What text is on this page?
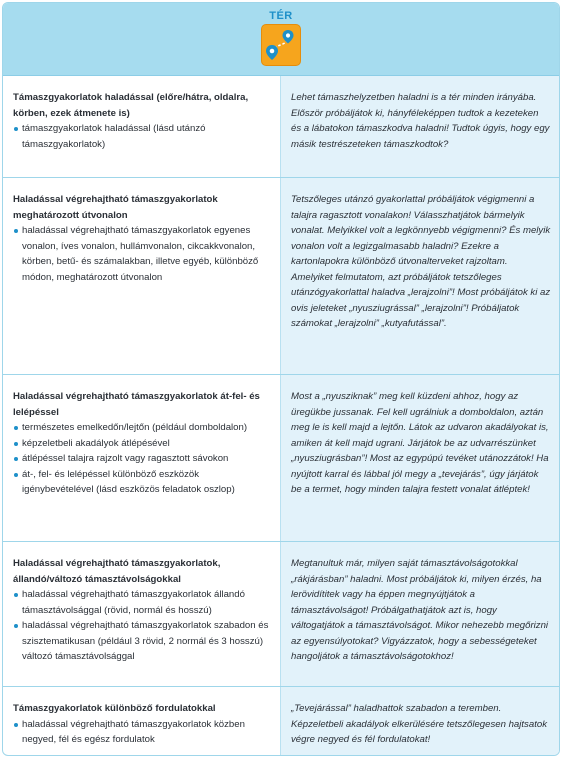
TÉR
Támaszgyakorlatok haladással (előre/hátra, oldalra, körben, ezek átmenete is)
támaszgyakorlatok haladással (lásd utánzó támaszgyakorlatok)

Lehet támaszhelyzetben haladni is a tér minden irányába. Először próbáljátok ki, hányféleképpen tudtok a kezeteken és a lábatokon támaszkodva haladni! Tudtok úgyis, hogy egy másik testrészeteken támaszkodtok?

Haladással végrehajtható támaszgyakorlatok meghatározott útvonalon
haladással végrehajtható támaszgyakorlatok egyenes vonalon, íves vonalon, hullámvonalon, cikcakkvonalon, körben, betű- és számalakban, illetve egyéb, különböző módon, meghatározott útvonalon

Tetszőleges utánzó gyakorlattal próbáljátok végigmenni a talajra ragasztott vonalakon! Válasszhatjátok bármelyik vonalat. Melyikkel volt a legkönnyebb végigmenni? És melyik vonalon volt a legizgalmasabb haladni? Ezekre a kartonlapokra különböző útvonalterveket rajzoltam. Amelyiket felmutatom, azt próbáljátok tetszőleges utánzógyakorlattal haladva „lerajzolni”! Most próbáljátok ki az ovis jeleteket „nyusziugrással” „lerajzolni”! Próbáljatok számokat „lerajzolni” „kutyafutással”.

Haladással végrehajtható támaszgyakorlatok át-fel- és lelépéssel
természetes emelkedőn/lejtőn (például domboldalon)
képzeletbeli akadályok átlépésével
átlépéssel talajra rajzolt vagy ragasztott sávokon
át-, fel- és lelépéssel különböző eszközök igénybevételével (lásd eszközös feladatok oszlop)

Most a „nyusziknak” meg kell küzdeni ahhoz, hogy az üregükbe jussanak. Fel kell ugrálniuk a domboldalon, aztán meg le is kell majd a lejtőn. Látok az udvaron akadályokat is, amiken át kell majd ugrani. Járjátok be az udvarrészünket „nyusziugrásban”! Most az egypúpú tevéket utánozzátok! Ha nyújtott karral és lábbal jól megy a „tevejárás”, úgy járjátok be a termet, hogy minden talajra festett vonalat átléptek!

Haladással végrehajtható támaszgyakorlatok, állandó/változó támasztávolságokkal
haladással végrehajtható támaszgyakorlatok állandó támasztávolsággal (rövid, normál és hosszú)
haladással végrehajtható támaszgyakorlatok szabadon és szisztematikusan (például 3 rövid, 2 normál és 3 hosszú) változó támasztávolsággal

Megtanultuk már, milyen saját támasztávolságotokkal „rákjárásban” haladni. Most próbáljátok ki, milyen érzés, ha lerövidítitek vagy ha éppen megnyújtjátok a támasztávolságot! Próbálgathatjátok azt is, hogy váltogatjátok a támasztávolságot. Mikor nehezebb megőrizni az egyensúlyotokat? Vigyázzatok, hogy a sebességeteket hangoljátok a támasztávolságotokhoz!

Támaszgyakorlatok különböző fordulatokkal
haladással végrehajtható támaszgyakorlatok közben negyed, fél és egész fordulatok

„Tevejárással” haladhattok szabadon a teremben. Képzeletbeli akadályok elkerülésére tetszőlegesen hajtsatok végre negyed és fél fordulatokat!
